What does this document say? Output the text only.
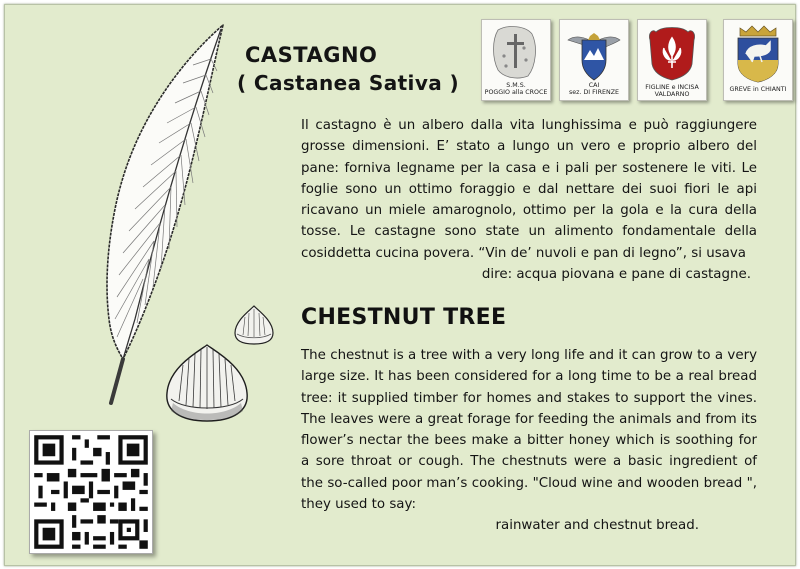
CASTAGNO
( Castanea Sativa )	S.M.S.
POGGIO alla CROCE
CAI
sez. DI FIRENZE
FIGLINE e INCISA
VALDARNO
GREVE in CHIANTI
Il castagno è un albero dalla vita lunghissima e può raggiungere grosse dimensioni. E’ stato a lungo un vero e proprio albero del pane: forniva legname per la casa e i pali per sostenere le viti. Le foglie sono un ottimo foraggio e dal nettare dei suoi fiori le api ricavano un miele amarognolo, ottimo per la gola e la cura della tosse. Le castagne sono state un alimento fondamentale della cosiddetta cucina povera. “Vin de’ nuvoli e pan di legno”, si usava
dire: acqua piovana e pane di castagne.
CHESTNUT TREE
The chestnut is a tree with a very long life and it can grow to a very large size. It has been considered for a long time to be a real bread tree: it supplied timber for homes and stakes to support the vines. The leaves were a great forage for feeding the animals and from its flower’s nectar the bees make a bitter honey which is soothing for a sore throat or cough. The chestnuts were a basic ingredient of the so-called poor man’s cooking. "Cloud wine and wooden bread ", they used to say:
rainwater and chestnut bread.
